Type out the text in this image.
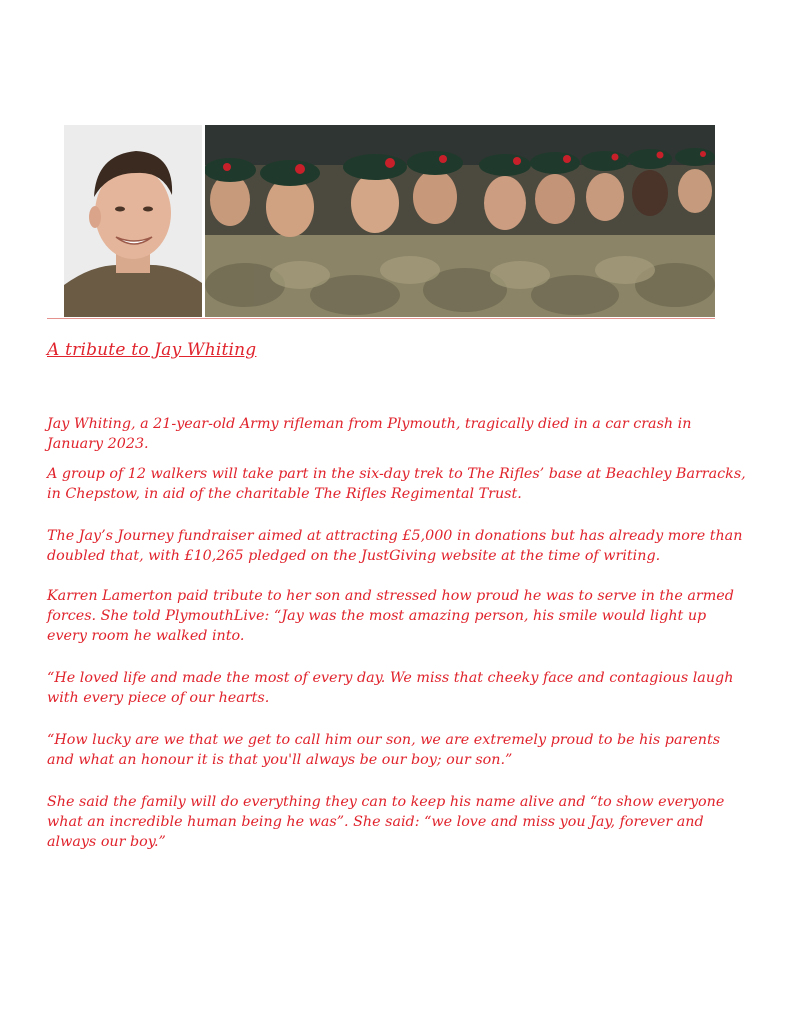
A tribute to Jay Whiting

Jay Whiting, a 21-year-old Army rifleman from Plymouth, tragically died in a car crash in January 2023.

A group of 12 walkers will take part in the six-day trek to The Rifles’ base at Beachley Barracks, in Chepstow, in aid of the charitable The Rifles Regimental Trust.

The Jay’s Journey fundraiser aimed at attracting £5,000 in donations but has already more than doubled that, with £10,265 pledged on the JustGiving website at the time of writing.

Karren Lamerton paid tribute to her son and stressed how proud he was to serve in the armed forces. She told PlymouthLive: “Jay was the most amazing person, his smile would light up every room he walked into.

“He loved life and made the most of every day. We miss that cheeky face and contagious laugh with every piece of our hearts.

“How lucky are we that we get to call him our son, we are extremely proud to be his parents and what an honour it is that you'll always be our boy; our son.”

She said the family will do everything they can to keep his name alive and “to show everyone what an incredible human being he was”. She said: “we love and miss you Jay, forever and always our boy.”
